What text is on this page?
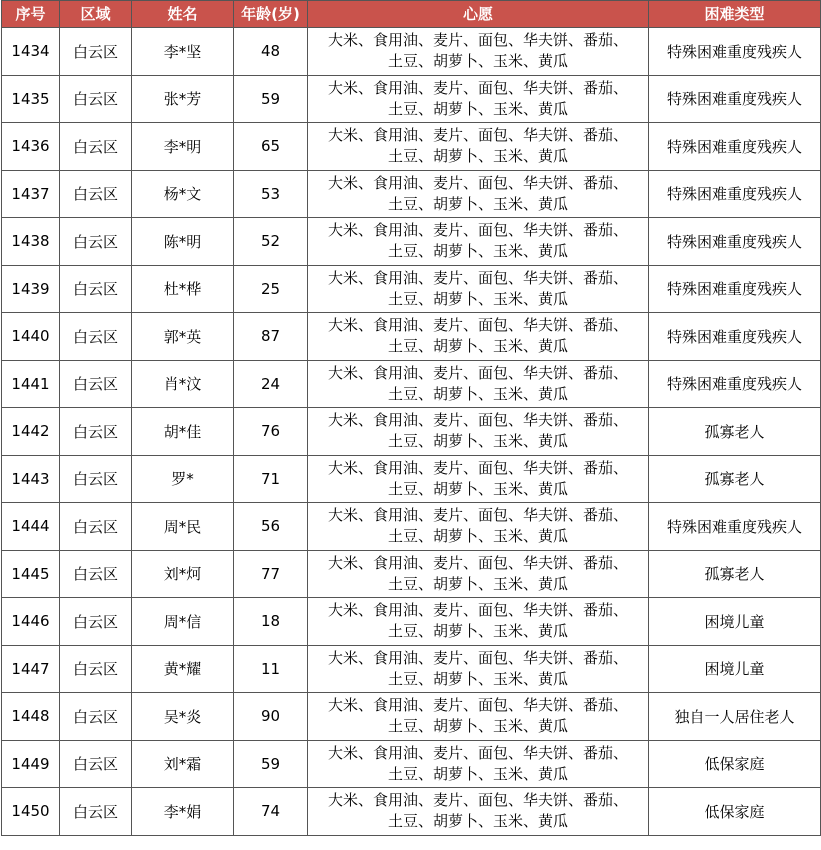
序号	区域	姓名	年龄(岁)	心愿	困难类型
1434	白云区	李*坚	48	大米、食用油、麦片、面包、华夫饼、番茄、
土豆、胡萝卜、玉米、黄瓜	特殊困难重度残疾人
1435	白云区	张*芳	59	大米、食用油、麦片、面包、华夫饼、番茄、
土豆、胡萝卜、玉米、黄瓜	特殊困难重度残疾人
1436	白云区	李*明	65	大米、食用油、麦片、面包、华夫饼、番茄、
土豆、胡萝卜、玉米、黄瓜	特殊困难重度残疾人
1437	白云区	杨*文	53	大米、食用油、麦片、面包、华夫饼、番茄、
土豆、胡萝卜、玉米、黄瓜	特殊困难重度残疾人
1438	白云区	陈*明	52	大米、食用油、麦片、面包、华夫饼、番茄、
土豆、胡萝卜、玉米、黄瓜	特殊困难重度残疾人
1439	白云区	杜*桦	25	大米、食用油、麦片、面包、华夫饼、番茄、
土豆、胡萝卜、玉米、黄瓜	特殊困难重度残疾人
1440	白云区	郭*英	87	大米、食用油、麦片、面包、华夫饼、番茄、
土豆、胡萝卜、玉米、黄瓜	特殊困难重度残疾人
1441	白云区	肖*汶	24	大米、食用油、麦片、面包、华夫饼、番茄、
土豆、胡萝卜、玉米、黄瓜	特殊困难重度残疾人
1442	白云区	胡*佳	76	大米、食用油、麦片、面包、华夫饼、番茄、
土豆、胡萝卜、玉米、黄瓜	孤寡老人
1443	白云区	罗*	71	大米、食用油、麦片、面包、华夫饼、番茄、
土豆、胡萝卜、玉米、黄瓜	孤寡老人
1444	白云区	周*民	56	大米、食用油、麦片、面包、华夫饼、番茄、
土豆、胡萝卜、玉米、黄瓜	特殊困难重度残疾人
1445	白云区	刘*炣	77	大米、食用油、麦片、面包、华夫饼、番茄、
土豆、胡萝卜、玉米、黄瓜	孤寡老人
1446	白云区	周*信	18	大米、食用油、麦片、面包、华夫饼、番茄、
土豆、胡萝卜、玉米、黄瓜	困境儿童
1447	白云区	黄*耀	11	大米、食用油、麦片、面包、华夫饼、番茄、
土豆、胡萝卜、玉米、黄瓜	困境儿童
1448	白云区	吴*炎	90	大米、食用油、麦片、面包、华夫饼、番茄、
土豆、胡萝卜、玉米、黄瓜	独自一人居住老人
1449	白云区	刘*霜	59	大米、食用油、麦片、面包、华夫饼、番茄、
土豆、胡萝卜、玉米、黄瓜	低保家庭
1450	白云区	李*娟	74	大米、食用油、麦片、面包、华夫饼、番茄、
土豆、胡萝卜、玉米、黄瓜	低保家庭
